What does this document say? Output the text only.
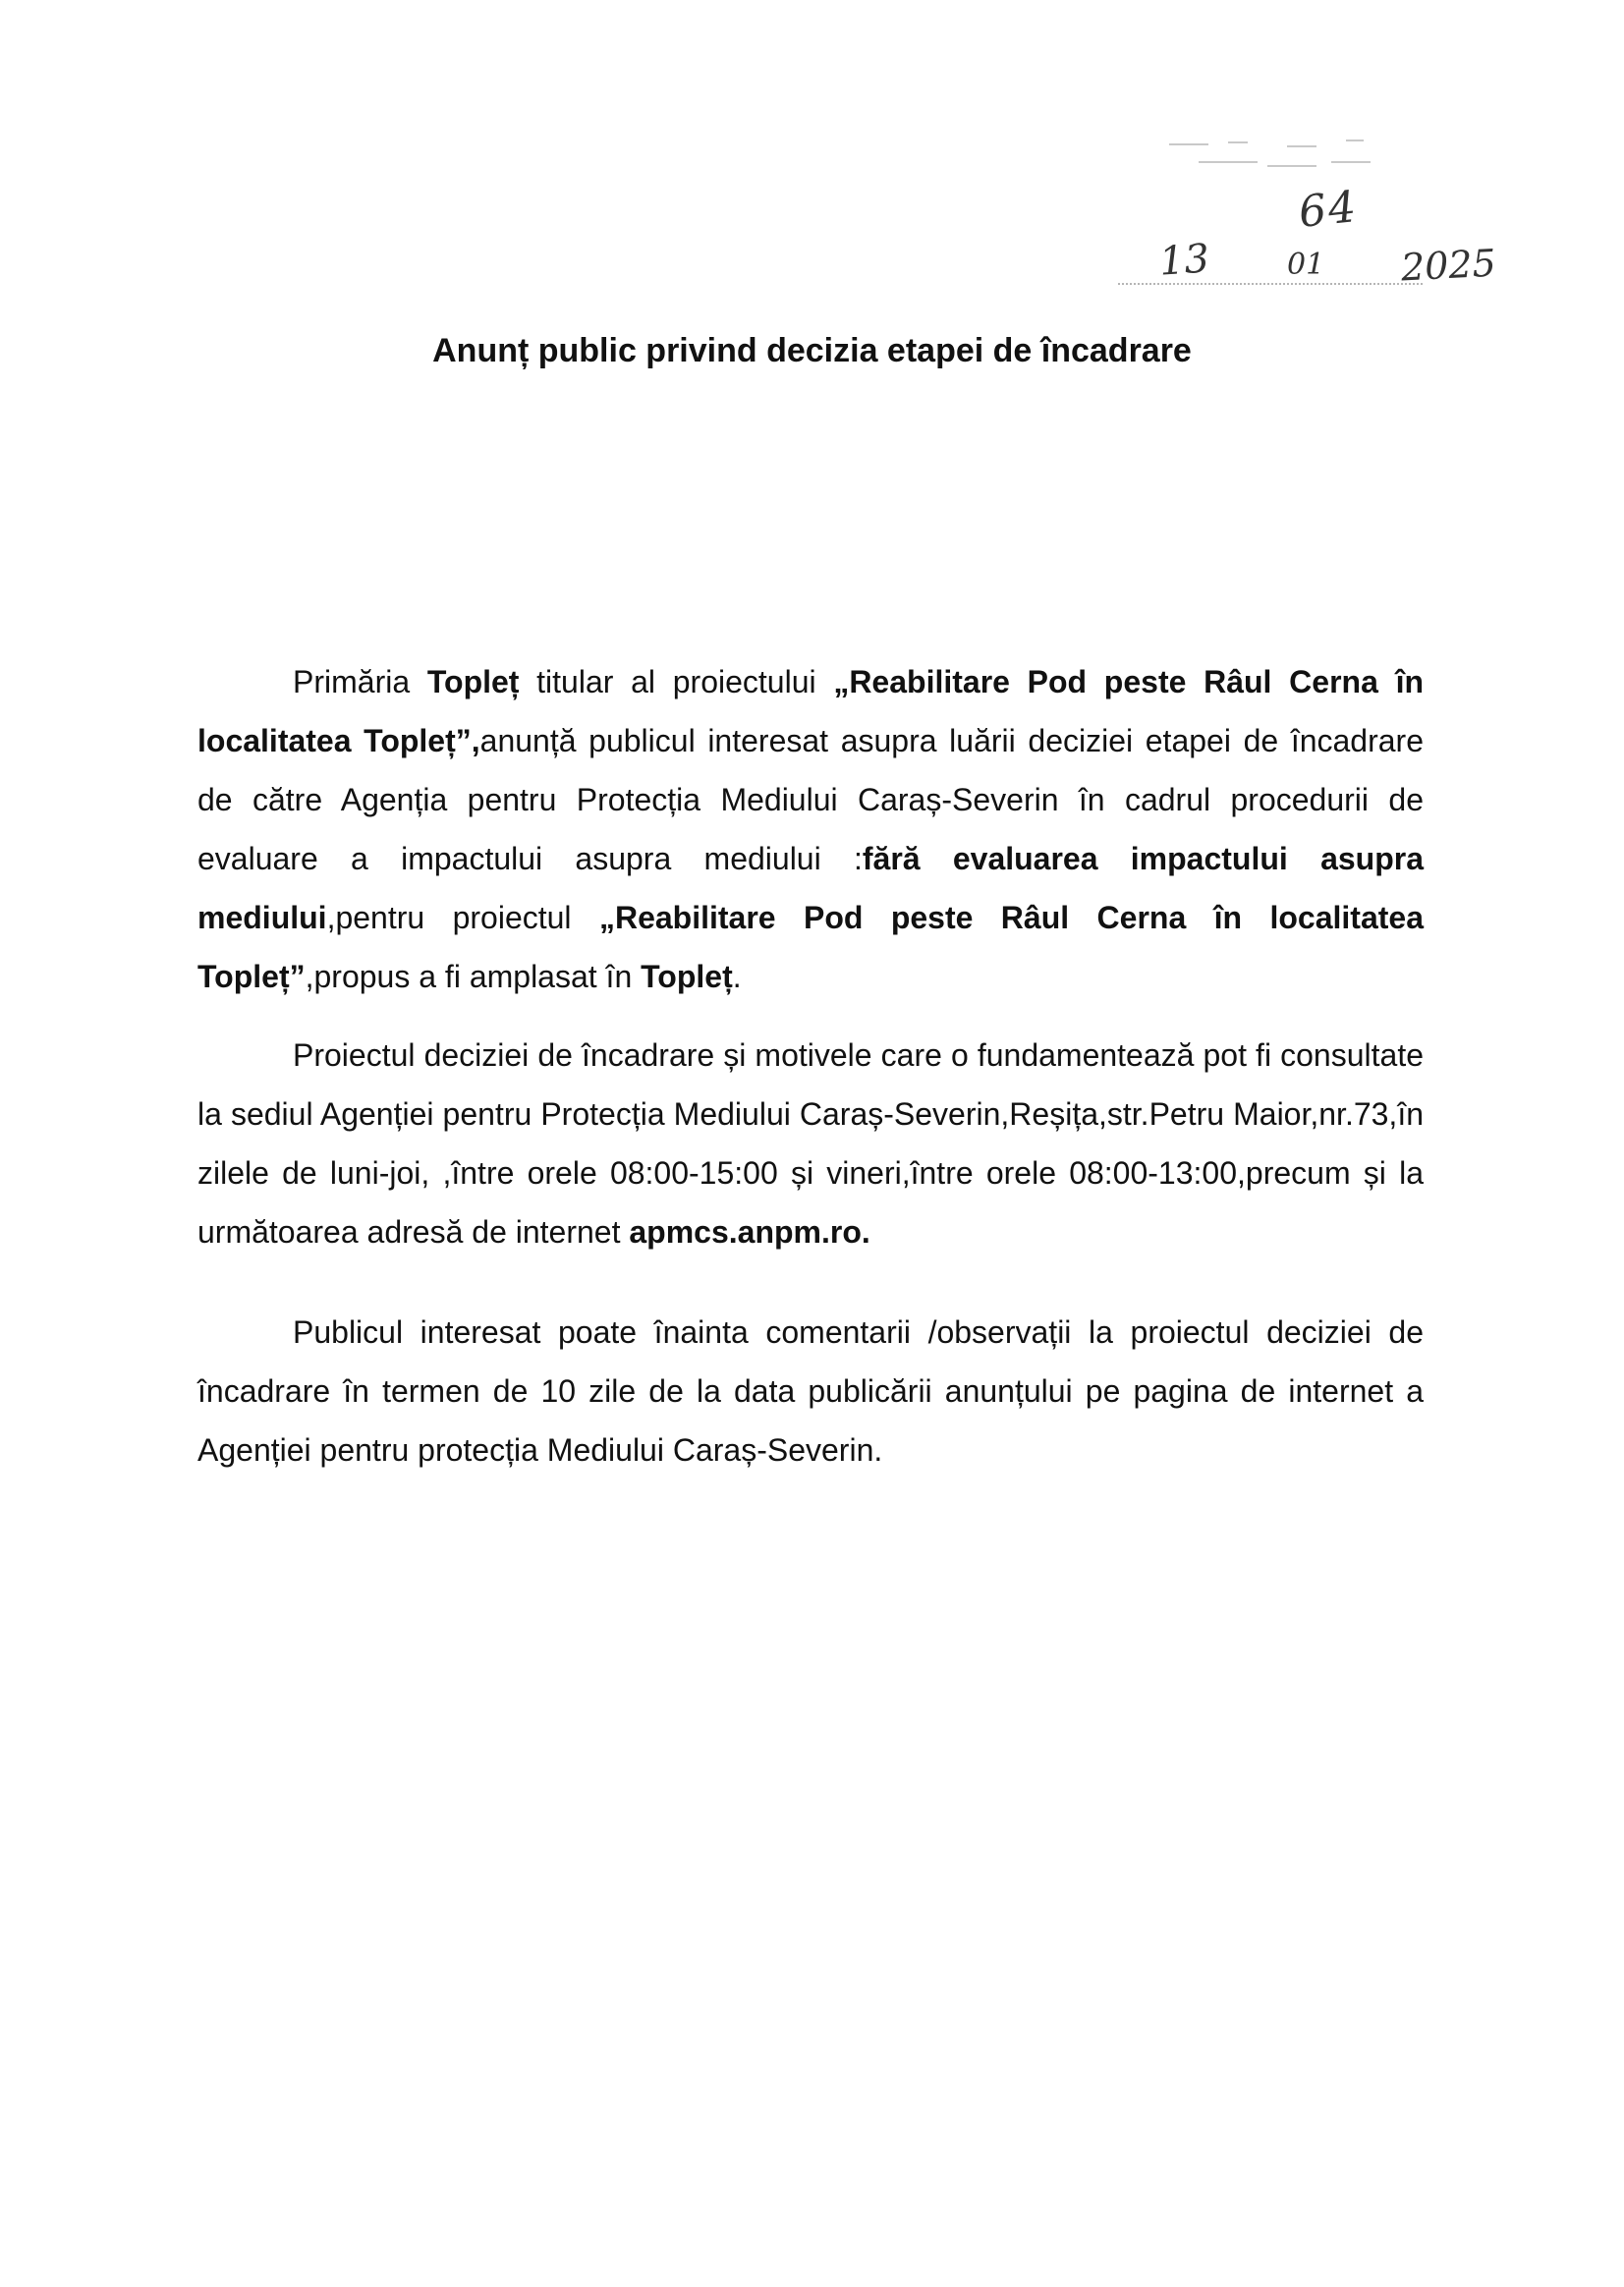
64
13	01 2025
Anunț public privind decizia etapei de încadrare

Primăria Topleț titular al proiectului „Reabilitare Pod peste Râul Cerna în localitatea Topleț”,anunță publicul interesat asupra luării deciziei etapei de încadrare de către Agenția pentru Protecția Mediului Caraș-Severin în cadrul procedurii de evaluare a impactului asupra mediului :fără evaluarea impactului asupra mediului,pentru proiectul „Reabilitare Pod peste Râul Cerna în localitatea Topleț”,propus a fi amplasat în Topleț.

Proiectul deciziei de încadrare și motivele care o fundamentează pot fi consultate la sediul Agenției pentru Protecția Mediului Caraș-Severin,Reșița,str.Petru Maior,nr.73,în zilele de luni-joi, ,între orele 08:00-15:00 și vineri,între orele 08:00-13:00,precum și la următoarea adresă de internet apmcs.anpm.ro.

Publicul interesat poate înainta comentarii /observații la proiectul deciziei de încadrare în termen de 10 zile de la data publicării anunțului pe pagina de internet a Agenției pentru protecția Mediului Caraș-Severin.
